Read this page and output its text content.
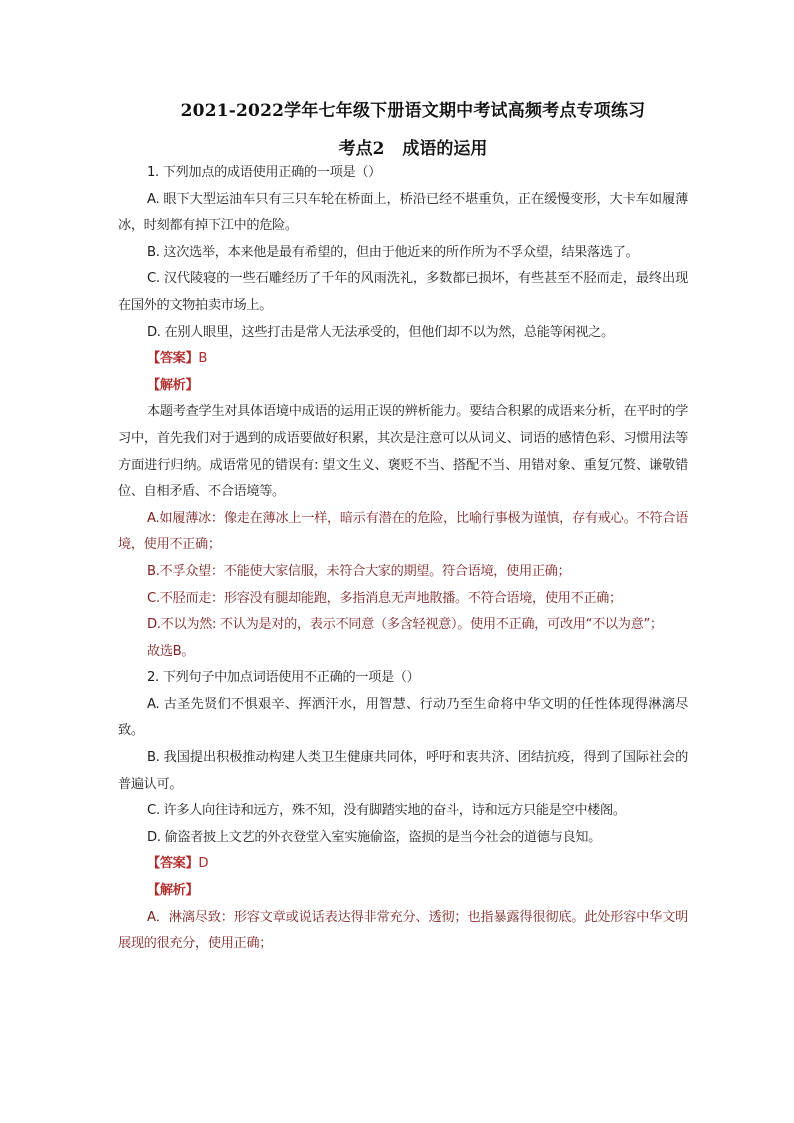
2021-2022学年七年级下册语文期中考试高频考点专项练习
考点2 成语的运用

1. 下列加点的成语使用正确的一项是（）

A. 眼下大型运油车只有三只车轮在桥面上，桥沿已经不堪重负，正在缓慢变形，大卡车如履薄冰，时刻都有掉下江中的危险。

B. 这次选举，本来他是最有希望的，但由于他近来的所作所为不孚众望，结果落选了。

C. 汉代陵寝的一些石雕经历了千年的风雨洗礼，多数都已损坏，有些甚至不胫而走，最终出现在国外的文物拍卖市场上。

D. 在别人眼里，这些打击是常人无法承受的，但他们却不以为然，总能等闲视之。

【答案】B

【解析】

本题考查学生对具体语境中成语的运用正误的辨析能力。要结合积累的成语来分析，在平时的学习中，首先我们对于遇到的成语要做好积累，其次是注意可以从词义、词语的感情色彩、习惯用法等方面进行归纳。成语常见的错误有: 望文生义、褒贬不当、搭配不当、用错对象、重复冗赘、谦敬错位、自相矛盾、不合语境等。

A.如履薄冰：像走在薄冰上一样，暗示有潜在的危险，比喻行事极为谨慎，存有戒心。不符合语境，使用不正确；

B.不孚众望：不能使大家信服，未符合大家的期望。符合语境，使用正确；

C.不胫而走：形容没有腿却能跑，多指消息无声地散播。不符合语境，使用不正确；

D.不以为然: 不认为是对的，表示不同意（多含轻视意）。使用不正确，可改用“不以为意”；

故选B。

2. 下列句子中加点词语使用不正确的一项是（）

A. 古圣先贤们不惧艰辛、挥洒汗水，用智慧、行动乃至生命将中华文明的任性体现得淋漓尽致。

B. 我国提出积极推动构建人类卫生健康共同体，呼吁和衷共济、团结抗疫，得到了国际社会的普遍认可。

C. 许多人向往诗和远方，殊不知，没有脚踏实地的奋斗，诗和远方只能是空中楼阁。

D. 偷盗者披上文艺的外衣登堂入室实施偷盗，盗损的是当今社会的道德与良知。

【答案】D

【解析】

A．淋漓尽致：形容文章或说话表达得非常充分、透彻；也指暴露得很彻底。此处形容中华文明展现的很充分，使用正确；
